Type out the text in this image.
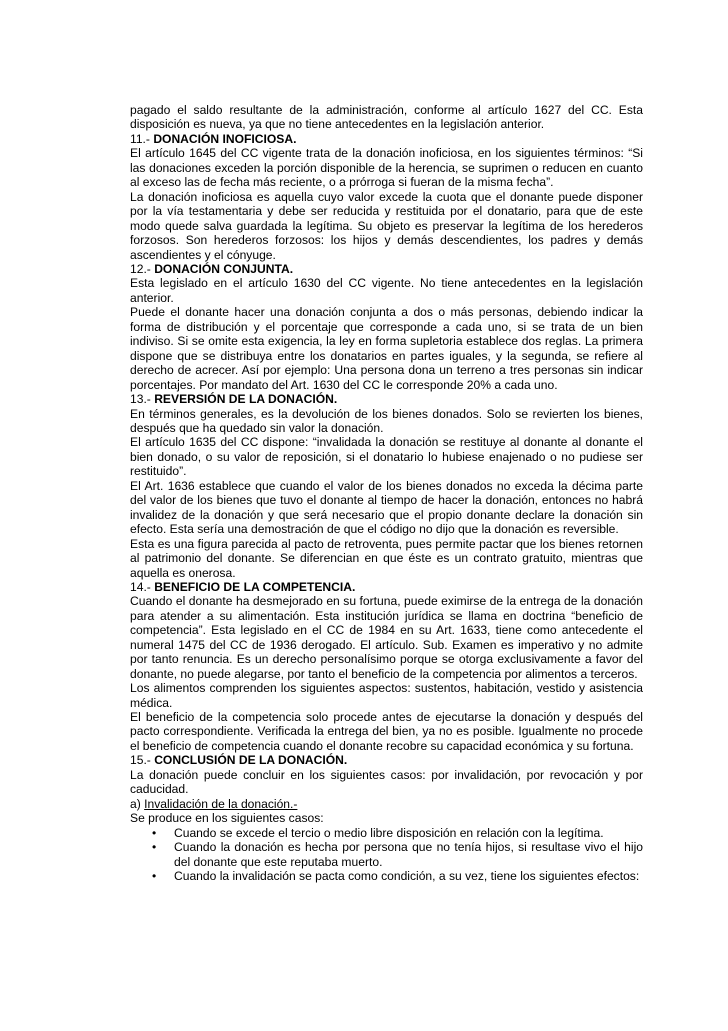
pagado el saldo resultante de la administración, conforme al artículo 1627 del CC. Esta disposición es nueva, ya que no tiene antecedentes en la legislación anterior.

11.- DONACIÓN INOFICIOSA.

El artículo 1645 del CC vigente trata de la donación inoficiosa, en los siguientes términos: “Si las donaciones exceden la porción disponible de la herencia, se suprimen o reducen en cuanto al exceso las de fecha más reciente, o a prórroga si fueran de la misma fecha”.

La donación inoficiosa es aquella cuyo valor excede la cuota que el donante puede disponer por la vía testamentaria y debe ser reducida y restituida por el donatario, para que de este modo quede salva guardada la legítima. Su objeto es preservar la legítima de los herederos forzosos. Son herederos forzosos: los hijos y demás descendientes, los padres y demás ascendientes y el cónyuge.

12.- DONACIÓN CONJUNTA.

Esta legislado en el artículo 1630 del CC vigente. No tiene antecedentes en la legislación anterior.

Puede el donante hacer una donación conjunta a dos o más personas, debiendo indicar la forma de distribución y el porcentaje que corresponde a cada uno, si se trata de un bien indiviso. Si se omite esta exigencia, la ley en forma supletoria establece dos reglas. La primera dispone que se distribuya entre los donatarios en partes iguales, y la segunda, se refiere al derecho de acrecer. Así por ejemplo: Una persona dona un terreno a tres personas sin indicar porcentajes. Por mandato del Art. 1630 del CC le corresponde 20% a cada uno.

13.- REVERSIÓN DE LA DONACIÓN.

En términos generales, es la devolución de los bienes donados. Solo se revierten los bienes, después que ha quedado sin valor la donación.

El artículo 1635 del CC dispone: “invalidada la donación se restituye al donante al donante el bien donado, o su valor de reposición, si el donatario lo hubiese enajenado o no pudiese ser restituido”.

El Art. 1636 establece que cuando el valor de los bienes donados no exceda la décima parte del valor de los bienes que tuvo el donante al tiempo de hacer la donación, entonces no habrá invalidez de la donación y que será necesario que el propio donante declare la donación sin efecto. Esta sería una demostración de que el código no dijo que la donación es reversible.

Esta es una figura parecida al pacto de retroventa, pues permite pactar que los bienes retornen al patrimonio del donante. Se diferencian en que éste es un contrato gratuito, mientras que aquella es onerosa.

14.- BENEFICIO DE LA COMPETENCIA.

Cuando el donante ha desmejorado en su fortuna, puede eximirse de la entrega de la donación para atender a su alimentación. Esta institución jurídica se llama en doctrina “beneficio de competencia”. Esta legislado en el CC de 1984 en su Art. 1633, tiene como antecedente el numeral 1475 del CC de 1936 derogado. El artículo. Sub. Examen es imperativo y no admite por tanto renuncia. Es un derecho personalísimo porque se otorga exclusivamente a favor del donante, no puede alegarse, por tanto el beneficio de la competencia por alimentos a terceros.

Los alimentos comprenden los siguientes aspectos: sustentos, habitación, vestido y asistencia médica.

El beneficio de la competencia solo procede antes de ejecutarse la donación y después del pacto correspondiente. Verificada la entrega del bien, ya no es posible. Igualmente no procede el beneficio de competencia cuando el donante recobre su capacidad económica y su fortuna.

15.- CONCLUSIÓN DE LA DONACIÓN.

La donación puede concluir en los siguientes casos: por invalidación, por revocación y por caducidad.

a) Invalidación de la donación.-

Se produce en los siguientes casos:

• Cuando se excede el tercio o medio libre disposición en relación con la legítima.
• Cuando la donación es hecha por persona que no tenía hijos, si resultase vivo el hijo del donante que este reputaba muerto.
• Cuando la invalidación se pacta como condición, a su vez, tiene los siguientes efectos:
